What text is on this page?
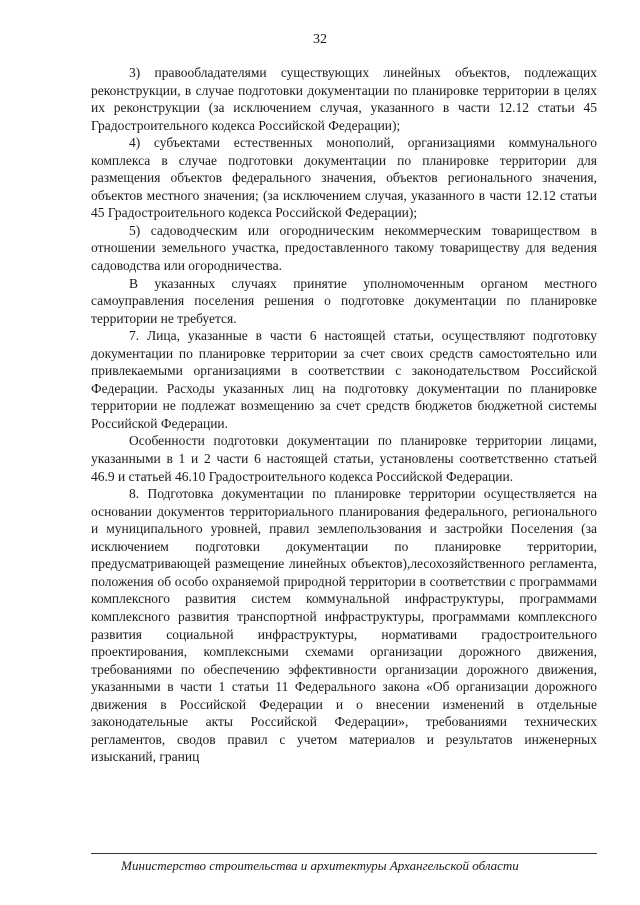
32

3) правообладателями существующих линейных объектов, подлежащих реконструкции, в случае подготовки документации по планировке территории в целях их реконструкции (за исключением случая, указанного в части 12.12 статьи 45 Градостроительного кодекса Российской Федерации);

4) субъектами естественных монополий, организациями коммунального комплекса в случае подготовки документации по планировке территории для размещения объектов федерального значения, объектов регионального значения, объектов местного значения; (за исключением случая, указанного в части 12.12 статьи 45 Градостроительного кодекса Российской Федерации);

5) садоводческим или огородническим некоммерческим товариществом в отношении земельного участка, предоставленного такому товариществу для ведения садоводства или огородничества.

В указанных случаях принятие уполномоченным органом местного самоуправления поселения решения о подготовке документации по планировке территории не требуется.

7. Лица, указанные в части 6 настоящей статьи, осуществляют подготовку документации по планировке территории за счет своих средств самостоятельно или привлекаемыми организациями в соответствии с законодательством Российской Федерации. Расходы указанных лиц на подготовку документации по планировке территории не подлежат возмещению за счет средств бюджетов бюджетной системы Российской Федерации.

Особенности подготовки документации по планировке территории лицами, указанными в 1 и 2 части 6 настоящей статьи, установлены соответственно статьей 46.9 и статьей 46.10 Градостроительного кодекса Российской Федерации.

8. Подготовка документации по планировке территории осуществляется на основании документов территориального планирования федерального, регионального и муниципального уровней, правил землепользования и застройки Поселения (за исключением подготовки документации по планировке территории, предусматривающей размещение линейных объектов),лесохозяйственного регламента, положения об особо охраняемой природной территории в соответствии с программами комплексного развития систем коммунальной инфраструктуры, программами комплексного развития транспортной инфраструктуры, программами комплексного развития социальной инфраструктуры, нормативами градостроительного проектирования, комплексными схемами организации дорожного движения, требованиями по обеспечению эффективности организации дорожного движения, указанными в части 1 статьи 11 Федерального закона «Об организации дорожного движения в Российской Федерации и о внесении изменений в отдельные законодательные акты Российской Федерации», требованиями технических регламентов, сводов правил с учетом материалов и результатов инженерных изысканий, границ

Министерство строительства и архитектуры Архангельской области
